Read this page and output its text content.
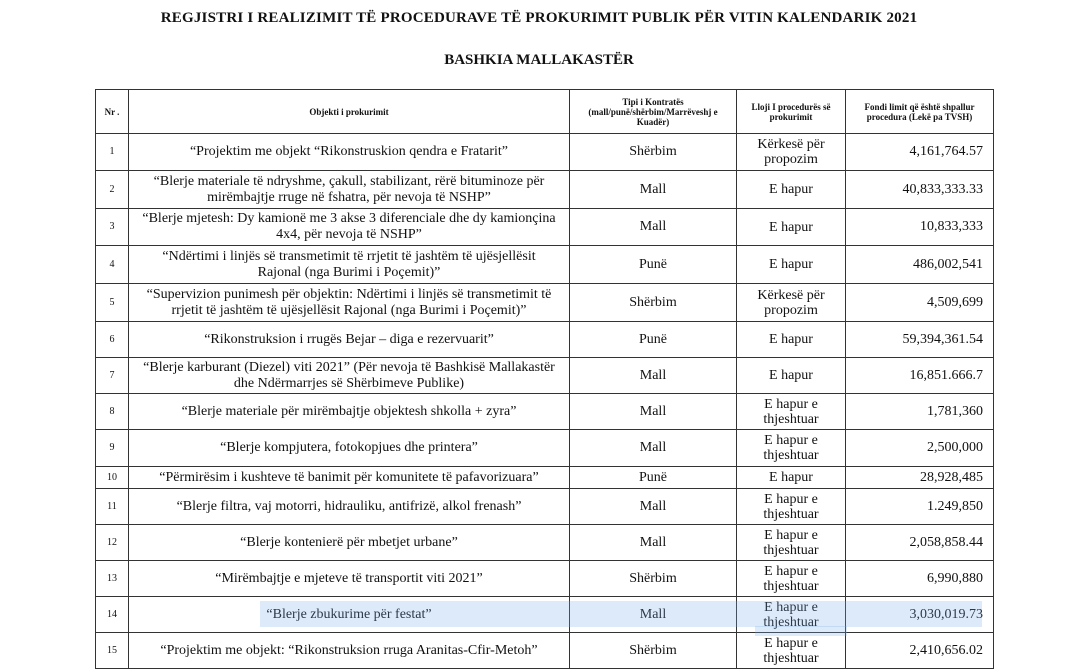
REGJISTRI I REALIZIMIT TË PROCEDURAVE TË PROKURIMIT PUBLIK PËR VITIN KALENDARIK 2021
BASHKIA MALLAKASTËR
Nr .	Objekti i prokurimit	Tipi i Kontratës (mall/punë/shërbim/Marrëveshj e Kuadër)	Lloji I procedurës së prokurimit	Fondi limit që është shpallur procedura (Lekë pa TVSH)
1	“Projektim me objekt “Rikonstruskion qendra e Fratarit”	Shërbim	Kërkesë për propozim	4,161,764.57
2	“Blerje materiale të ndryshme, çakull, stabilizant, rërë bituminoze për mirëmbajtje rruge në fshatra, për nevoja të NSHP”	Mall	E hapur	40,833,333.33
3	“Blerje mjetesh: Dy kamionë me 3 akse 3 diferenciale dhe dy kamionçina 4x4, për nevoja të NSHP”	Mall	E hapur	10,833,333
4	“Ndërtimi i linjës së transmetimit të rrjetit të jashtëm të ujësjellësit Rajonal (nga Burimi i Poçemit)”	Punë	E hapur	486,002,541
5	“Supervizion punimesh për objektin: Ndërtimi i linjës së transmetimit të rrjetit të jashtëm të ujësjellësit Rajonal (nga Burimi i Poçemit)”	Shërbim	Kërkesë për propozim	4,509,699
6	“Rikonstruksion i rrugës Bejar – diga e rezervuarit”	Punë	E hapur	59,394,361.54
7	“Blerje karburant (Diezel) viti 2021” (Për nevoja të Bashkisë Mallakastër dhe Ndërmarrjes së Shërbimeve Publike)	Mall	E hapur	16,851.666.7
8	“Blerje materiale për mirëmbajtje objektesh shkolla + zyra”	Mall	E hapur e thjeshtuar	1,781,360
9	“Blerje kompjutera, fotokopjues dhe printera”	Mall	E hapur e thjeshtuar	2,500,000
10	“Përmirësim i kushteve të banimit për komunitete të pafavorizuara”	Punë	E hapur	28,928,485
11	“Blerje filtra, vaj motorri, hidrauliku, antifrizë, alkol frenash”	Mall	E hapur e thjeshtuar	1.249,850
12	“Blerje kontenierë për mbetjet urbane”	Mall	E hapur e thjeshtuar	2,058,858.44
13	“Mirëmbajtje e mjeteve të transportit viti 2021”	Shërbim	E hapur e thjeshtuar	6,990,880
14	“Blerje zbukurime për festat”	Mall	E hapur e thjeshtuar	3,030,019.73
15	“Projektim me objekt: “Rikonstruksion rruga Aranitas-Cfir-Metoh”	Shërbim	E hapur e thjeshtuar	2,410,656.02
